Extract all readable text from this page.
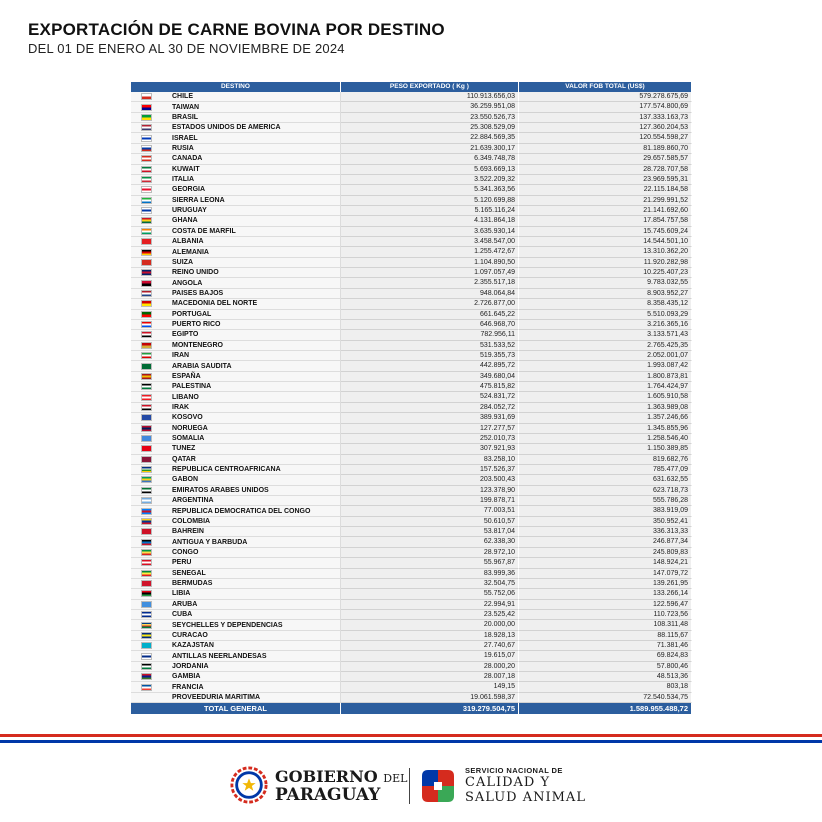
EXPORTACIÓN DE CARNE BOVINA POR DESTINO
DEL 01 DE ENERO AL 30 DE NOVIEMBRE DE 2024
DESTINO	PESO EXPORTADO ( Kg )	VALOR FOB TOTAL (US$)
CHILE	110.913.656,03	579.278.675,69
TAIWAN	36.259.951,08	177.574.800,69
BRASIL	23.550.526,73	137.333.163,73
ESTADOS UNIDOS DE AMERICA	25.308.529,09	127.360.204,53
ISRAEL	22.884.569,35	120.554.598,27
RUSIA	21.639.300,17	81.189.860,70
CANADA	6.349.748,78	29.657.585,57
KUWAIT	5.693.669,13	28.728.707,58
ITALIA	3.522.209,32	23.969.595,31
GEORGIA	5.341.363,56	22.115.184,58
SIERRA LEONA	5.120.699,88	21.299.991,52
URUGUAY	5.165.116,24	21.141.692,60
GHANA	4.131.864,18	17.854.757,58
COSTA DE MARFIL	3.635.930,14	15.745.609,24
ALBANIA	3.458.547,00	14.544.501,10
ALEMANIA	1.255.472,67	13.310.362,20
SUIZA	1.104.890,50	11.920.282,98
REINO UNIDO	1.097.057,49	10.225.407,23
ANGOLA	2.355.517,18	9.783.032,55
PAISES BAJOS	948.064,84	8.903.952,27
MACEDONIA DEL NORTE	2.726.877,00	8.358.435,12
PORTUGAL	661.645,22	5.510.093,29
PUERTO RICO	646.968,70	3.216.365,16
EGIPTO	782.956,11	3.133.571,43
MONTENEGRO	531.533,52	2.765.425,35
IRAN	519.355,73	2.052.001,07
ARABIA SAUDITA	442.895,72	1.993.087,42
ESPAÑA	349.680,04	1.800.873,81
PALESTINA	475.815,82	1.764.424,97
LIBANO	524.831,72	1.605.910,58
IRAK	284.052,72	1.363.989,08
KOSOVO	389.931,69	1.357.246,66
NORUEGA	127.277,57	1.345.855,96
SOMALIA	252.010,73	1.258.546,40
TUNEZ	307.921,93	1.150.389,85
QATAR	83.258,10	819.682,76
REPUBLICA CENTROAFRICANA	157.526,37	785.477,09
GABON	203.500,43	631.632,55
EMIRATOS ARABES UNIDOS	123.378,90	623.718,73
ARGENTINA	199.878,71	555.786,28
REPUBLICA DEMOCRATICA DEL CONGO	77.003,51	383.919,09
COLOMBIA	50.610,57	350.952,41
BAHREIN	53.817,04	336.313,33
ANTIGUA Y BARBUDA	62.338,30	246.877,34
CONGO	28.972,10	245.809,83
PERU	55.967,87	148.924,21
SENEGAL	83.999,36	147.079,72
BERMUDAS	32.504,75	139.261,95
LIBIA	55.752,06	133.266,14
ARUBA	22.994,91	122.596,47
CUBA	23.525,42	110.723,56
SEYCHELLES Y DEPENDENCIAS	20.000,00	108.311,48
CURACAO	18.928,13	88.115,67
KAZAJSTAN	27.740,67	71.381,46
ANTILLAS NEERLANDESAS	19.615,07	69.824,83
JORDANIA	28.000,20	57.800,46
GAMBIA	28.007,18	48.513,36
FRANCIA	149,15	803,18
PROVEEDURIA MARITIMA	19.061.598,37	72.540.534,75
TOTAL GENERAL	319.279.504,75	1.589.955.488,72
GOBIERNO DEL
PARAGUAY
SERVICIO NACIONAL DE
CALIDAD Y
SALUD ANIMAL
